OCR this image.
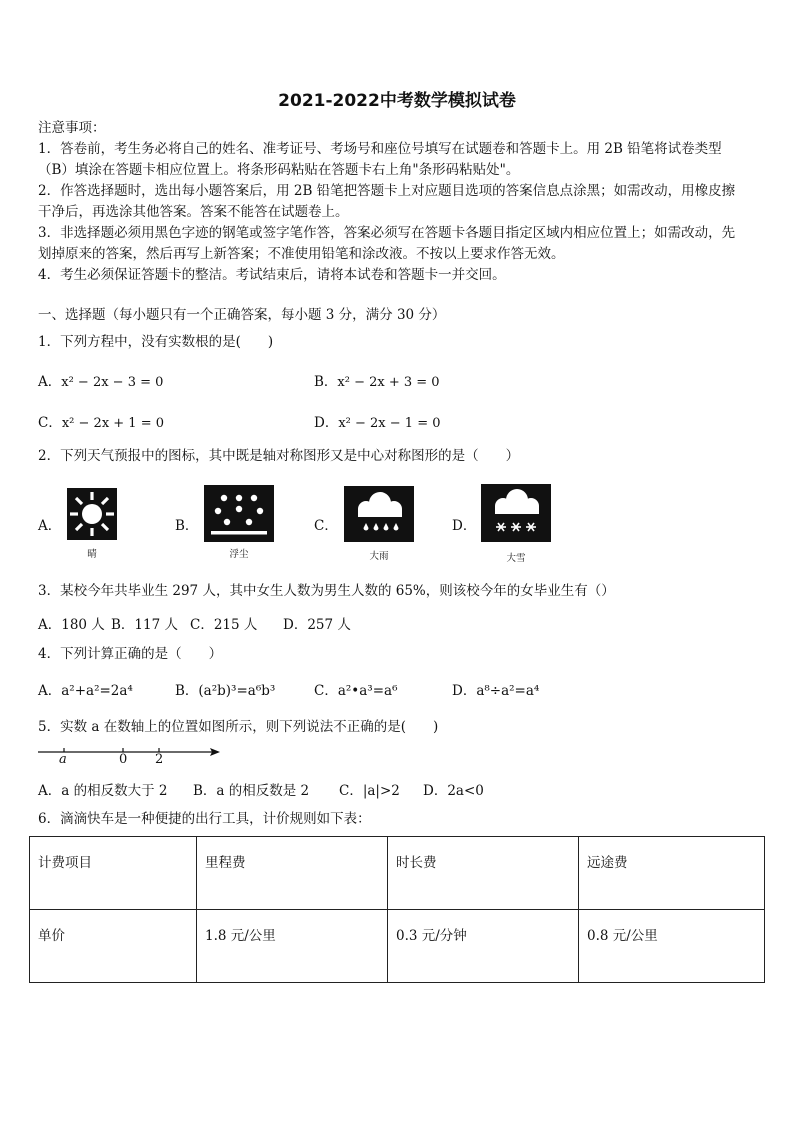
2021-2022中考数学模拟试卷
注意事项：
1．答卷前，考生务必将自己的姓名、准考证号、考场号和座位号填写在试题卷和答题卡上。用 2B 铅笔将试卷类型
（B）填涂在答题卡相应位置上。将条形码粘贴在答题卡右上角"条形码粘贴处"。
2．作答选择题时，选出每小题答案后，用 2B 铅笔把答题卡上对应题目选项的答案信息点涂黑；如需改动，用橡皮擦
干净后，再选涂其他答案。答案不能答在试题卷上。
3．非选择题必须用黑色字迹的钢笔或签字笔作答，答案必须写在答题卡各题目指定区域内相应位置上；如需改动，先
划掉原来的答案，然后再写上新答案；不准使用铅笔和涂改液。不按以上要求作答无效。
4．考生必须保证答题卡的整洁。考试结束后，请将本试卷和答题卡一并交回。
一、选择题（每小题只有一个正确答案，每小题 3 分，满分 30 分）
1．下列方程中，没有实数根的是(　　)
A．x² − 2x − 3 = 0	B．x² − 2x + 3 = 0
C．x² − 2x + 1 = 0	D．x² − 2x − 1 = 0
2．下列天气预报中的图标，其中既是轴对称图形又是中心对称图形的是（　　）
A．
晴
B．
浮尘
C．
大雨
D．
大雪
3．某校今年共毕业生 297 人，其中女生人数为男生人数的 65%，则该校今年的女毕业生有（）
A．180 人 B．117 人 C．215 人 D．257 人
4．下列计算正确的是（　　）
A．a²+a²=2a⁴	B．(a²b)³=a⁶b³	C．a²•a³=a⁶	D．a⁸÷a²=a⁴
5．实数 a 在数轴上的位置如图所示，则下列说法不正确的是(　　)
a	0 2
A．a 的相反数大于 2 B．a 的相反数是 2 C．|a|>2 D．2a<0
6．滴滴快车是一种便捷的出行工具，计价规则如下表：
计费项目	里程费	时长费	远途费
单价	1.8 元/公里	0.3 元/分钟	0.8 元/公里
